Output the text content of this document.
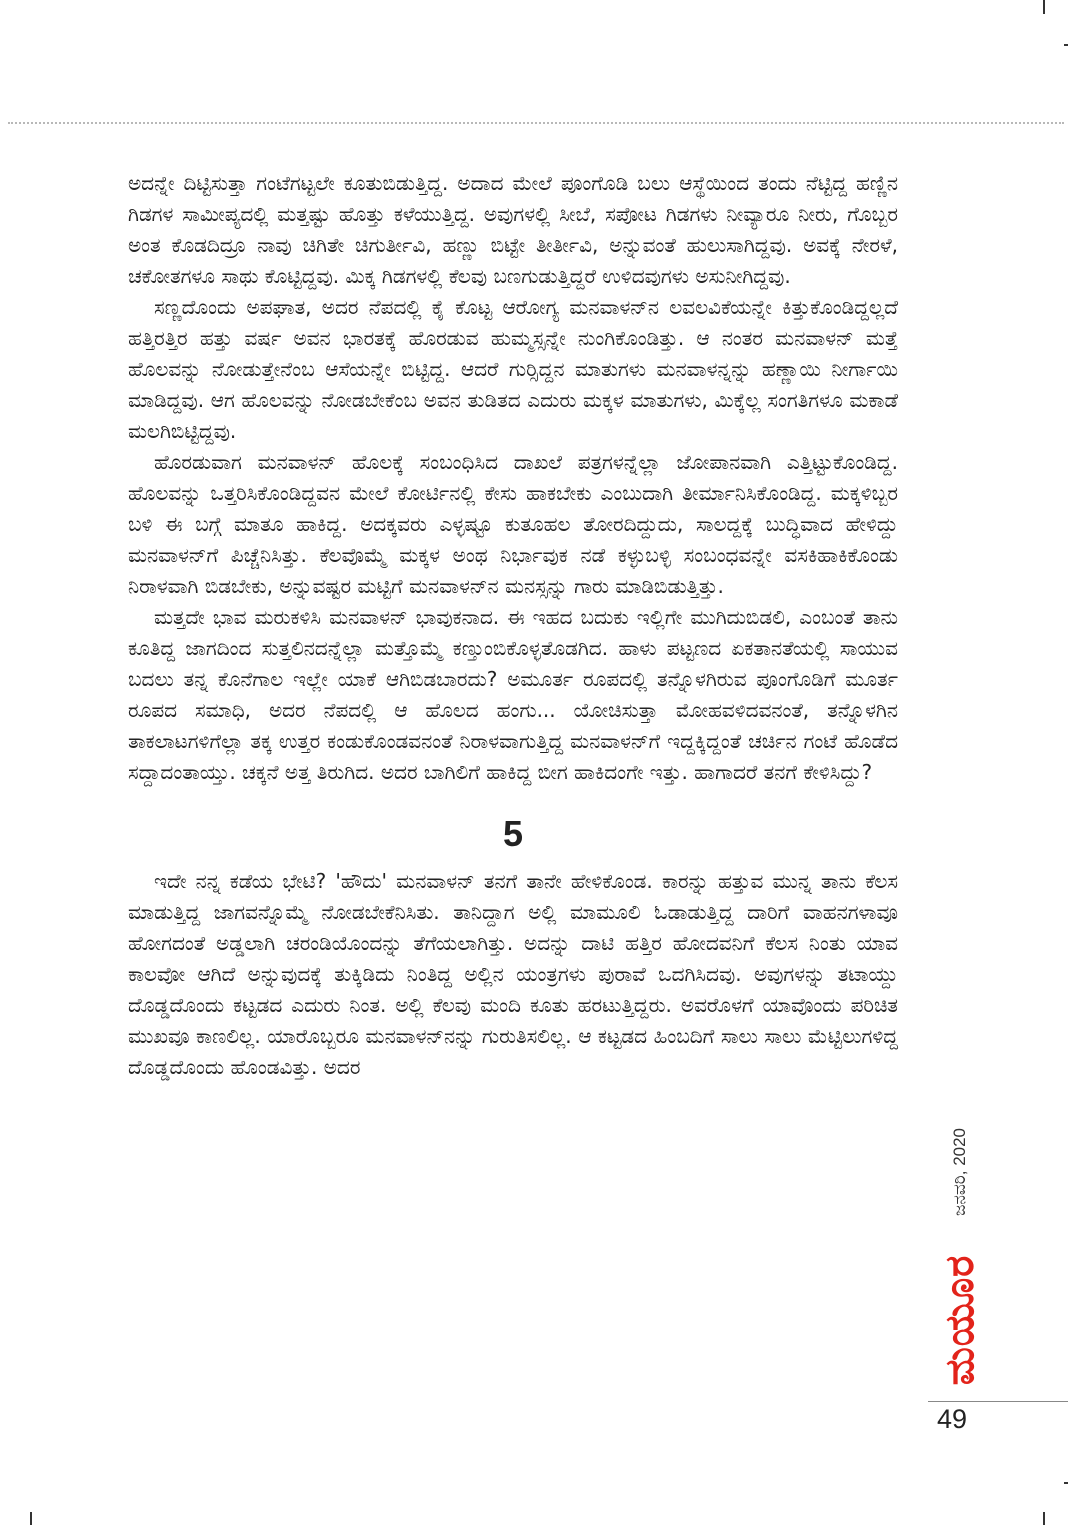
ಅದನ್ನೇ ದಿಟ್ಟಿಸುತ್ತಾ ಗಂಟೆಗಟ್ಟಲೇ ಕೂತುಬಿಡುತ್ತಿದ್ದ. ಅದಾದ ಮೇಲೆ ಪೂಂಗೊಡಿ ಬಲು ಆಸ್ಥೆಯಿಂದ ತಂದು ನೆಟ್ಟಿದ್ದ ಹಣ್ಣಿನ ಗಿಡಗಳ ಸಾಮೀಪ್ಯದಲ್ಲಿ ಮತ್ತಷ್ಟು ಹೊತ್ತು ಕಳೆಯುತ್ತಿದ್ದ. ಅವುಗಳಲ್ಲಿ ಸೀಬೆ, ಸಪೋಟ ಗಿಡಗಳು ನೀವ್ಯಾರೂ ನೀರು, ಗೊಬ್ಬರ ಅಂತ ಕೊಡದಿದ್ರೂ ನಾವು ಚಿಗಿತೇ ಚಿಗುರ್ತೀವಿ, ಹಣ್ಣು ಬಿಟ್ಟೇ ತೀರ್ತೀವಿ, ಅನ್ನುವಂತೆ ಹುಲುಸಾಗಿದ್ದವು. ಅವಕ್ಕೆ ನೇರಳೆ, ಚಕೋತಗಳೂ ಸಾಥು ಕೊಟ್ಟಿದ್ದವು. ಮಿಕ್ಕ ಗಿಡಗಳಲ್ಲಿ ಕೆಲವು ಬಣಗುಡುತ್ತಿದ್ದರೆ ಉಳಿದವುಗಳು ಅಸುನೀಗಿದ್ದವು.

ಸಣ್ಣದೊಂದು ಅಪಘಾತ, ಅದರ ನೆಪದಲ್ಲಿ ಕೈ ಕೊಟ್ಟ ಆರೋಗ್ಯ ಮನವಾಳನ್‌ನ ಲವಲವಿಕೆಯನ್ನೇ ಕಿತ್ತುಕೊಂಡಿದ್ದಲ್ಲದೆ ಹತ್ತಿರತ್ತಿರ ಹತ್ತು ವರ್ಷ ಅವನ ಭಾರತಕ್ಕೆ ಹೊರಡುವ ಹುಮ್ಮಸ್ಸನ್ನೇ ನುಂಗಿಕೊಂಡಿತ್ತು. ಆ ನಂತರ ಮನವಾಳನ್ ಮತ್ತೆ ಹೊಲವನ್ನು ನೋಡುತ್ತೇನೆಂಬ ಆಸೆಯನ್ನೇ ಬಿಟ್ಟಿದ್ದ. ಆದರೆ ಗುರ್‍ಸಿದ್ದನ ಮಾತುಗಳು ಮನವಾಳನ್ನನ್ನು ಹಣ್ಣಾಯಿ ನೀರ್ಗಾಯಿ ಮಾಡಿದ್ದವು. ಆಗ ಹೊಲವನ್ನು ನೋಡಬೇಕೆಂಬ ಅವನ ತುಡಿತದ ಎದುರು ಮಕ್ಕಳ ಮಾತುಗಳು, ಮಿಕ್ಕೆಲ್ಲ ಸಂಗತಿಗಳೂ ಮಕಾಡೆ ಮಲಗಿಬಿಟ್ಟಿದ್ದವು.

ಹೊರಡುವಾಗ ಮನವಾಳನ್ ಹೊಲಕ್ಕೆ ಸಂಬಂಧಿಸಿದ ದಾಖಲೆ ಪತ್ರಗಳನ್ನೆಲ್ಲಾ ಜೋಪಾನವಾಗಿ ಎತ್ತಿಟ್ಟುಕೊಂಡಿದ್ದ. ಹೊಲವನ್ನು ಒತ್ತರಿಸಿಕೊಂಡಿದ್ದವನ ಮೇಲೆ ಕೋರ್ಟಿನಲ್ಲಿ ಕೇಸು ಹಾಕಬೇಕು ಎಂಬುದಾಗಿ ತೀರ್ಮಾನಿಸಿಕೊಂಡಿದ್ದ. ಮಕ್ಕಳಿಬ್ಬರ ಬಳಿ ಈ ಬಗ್ಗೆ ಮಾತೂ ಹಾಕಿದ್ದ. ಅದಕ್ಕವರು ಎಳ್ಳಷ್ಟೂ ಕುತೂಹಲ ತೋರದಿದ್ದುದು, ಸಾಲದ್ದಕ್ಕೆ ಬುದ್ಧಿವಾದ ಹೇಳಿದ್ದು ಮನವಾಳನ್‌ಗೆ ಪಿಚ್ಚೆನಿಸಿತ್ತು. ಕೆಲವೊಮ್ಮೆ ಮಕ್ಕಳ ಅಂಥ ನಿರ್ಭಾವುಕ ನಡೆ ಕಳ್ಳುಬಳ್ಳಿ ಸಂಬಂಧವನ್ನೇ ವಸಕಿಹಾಕಿಕೊಂಡು ನಿರಾಳವಾಗಿ ಬಿಡಬೇಕು, ಅನ್ನುವಷ್ಟರ ಮಟ್ಟಿಗೆ ಮನವಾಳನ್‌ನ ಮನಸ್ಸನ್ನು ಗಾರು ಮಾಡಿಬಿಡುತ್ತಿತ್ತು.

ಮತ್ತದೇ ಭಾವ ಮರುಕಳಿಸಿ ಮನವಾಳನ್ ಭಾವುಕನಾದ. ಈ ಇಹದ ಬದುಕು ಇಲ್ಲಿಗೇ ಮುಗಿದುಬಿಡಲಿ, ಎಂಬಂತೆ ತಾನು ಕೂತಿದ್ದ ಜಾಗದಿಂದ ಸುತ್ತಲಿನದನ್ನೆಲ್ಲಾ ಮತ್ತೊಮ್ಮೆ ಕಣ್ತುಂಬಿಕೊಳ್ಳತೊಡಗಿದ. ಹಾಳು ಪಟ್ಟಣದ ಏಕತಾನತೆಯಲ್ಲಿ ಸಾಯುವ ಬದಲು ತನ್ನ ಕೊನೆಗಾಲ ಇಲ್ಲೇ ಯಾಕೆ ಆಗಿಬಿಡಬಾರದು? ಅಮೂರ್ತ ರೂಪದಲ್ಲಿ ತನ್ನೊಳಗಿರುವ ಪೂಂಗೊಡಿಗೆ ಮೂರ್ತ ರೂಪದ ಸಮಾಧಿ, ಅದರ ನೆಪದಲ್ಲಿ ಆ ಹೊಲದ ಹಂಗು... ಯೋಚಿಸುತ್ತಾ ಮೋಹವಳಿದವನಂತೆ, ತನ್ನೊಳಗಿನ ತಾಕಲಾಟಗಳಿಗೆಲ್ಲಾ ತಕ್ಕ ಉತ್ತರ ಕಂಡುಕೊಂಡವನಂತೆ ನಿರಾಳವಾಗುತ್ತಿದ್ದ ಮನವಾಳನ್‌ಗೆ ಇದ್ದಕ್ಕಿದ್ದಂತೆ ಚರ್ಚಿನ ಗಂಟೆ ಹೊಡೆದ ಸದ್ದಾದಂತಾಯ್ತು. ಚಕ್ಕನೆ ಅತ್ತ ತಿರುಗಿದ. ಅದರ ಬಾಗಿಲಿಗೆ ಹಾಕಿದ್ದ ಬೀಗ ಹಾಕಿದಂಗೇ ಇತ್ತು. ಹಾಗಾದರೆ ತನಗೆ ಕೇಳಿಸಿದ್ದು?

5

ಇದೇ ನನ್ನ ಕಡೆಯ ಭೇಟಿ? 'ಹೌದು' ಮನವಾಳನ್ ತನಗೆ ತಾನೇ ಹೇಳಿಕೊಂಡ. ಕಾರನ್ನು ಹತ್ತುವ ಮುನ್ನ ತಾನು ಕೆಲಸ ಮಾಡುತ್ತಿದ್ದ ಜಾಗವನ್ನೊಮ್ಮೆ ನೋಡಬೇಕೆನಿಸಿತು. ತಾನಿದ್ದಾಗ ಅಲ್ಲಿ ಮಾಮೂಲಿ ಓಡಾಡುತ್ತಿದ್ದ ದಾರಿಗೆ ವಾಹನಗಳಾವೂ ಹೋಗದಂತೆ ಅಡ್ಡಲಾಗಿ ಚರಂಡಿಯೊಂದನ್ನು ತೆಗೆಯಲಾಗಿತ್ತು. ಅದನ್ನು ದಾಟಿ ಹತ್ತಿರ ಹೋದವನಿಗೆ ಕೆಲಸ ನಿಂತು ಯಾವ ಕಾಲವೋ ಆಗಿದೆ ಅನ್ನುವುದಕ್ಕೆ ತುಕ್ಕಿಡಿದು ನಿಂತಿದ್ದ ಅಲ್ಲಿನ ಯಂತ್ರಗಳು ಪುರಾವೆ ಒದಗಿಸಿದವು. ಅವುಗಳನ್ನು ತಟಾಯ್ದು ದೊಡ್ಡದೊಂದು ಕಟ್ಟಡದ ಎದುರು ನಿಂತ. ಅಲ್ಲಿ ಕೆಲವು ಮಂದಿ ಕೂತು ಹರಟುತ್ತಿದ್ದರು. ಅವರೊಳಗೆ ಯಾವೊಂದು ಪರಿಚಿತ ಮುಖವೂ ಕಾಣಲಿಲ್ಲ. ಯಾರೊಬ್ಬರೂ ಮನವಾಳನ್‌ನನ್ನು ಗುರುತಿಸಲಿಲ್ಲ. ಆ ಕಟ್ಟಡದ ಹಿಂಬದಿಗೆ ಸಾಲು ಸಾಲು ಮೆಟ್ಟಿಲುಗಳಿದ್ದ ದೊಡ್ಡದೊಂದು ಹೊಂಡವಿತ್ತು. ಅದರ

ಜನವರಿ, 2020
ಮಯೂರ
49
